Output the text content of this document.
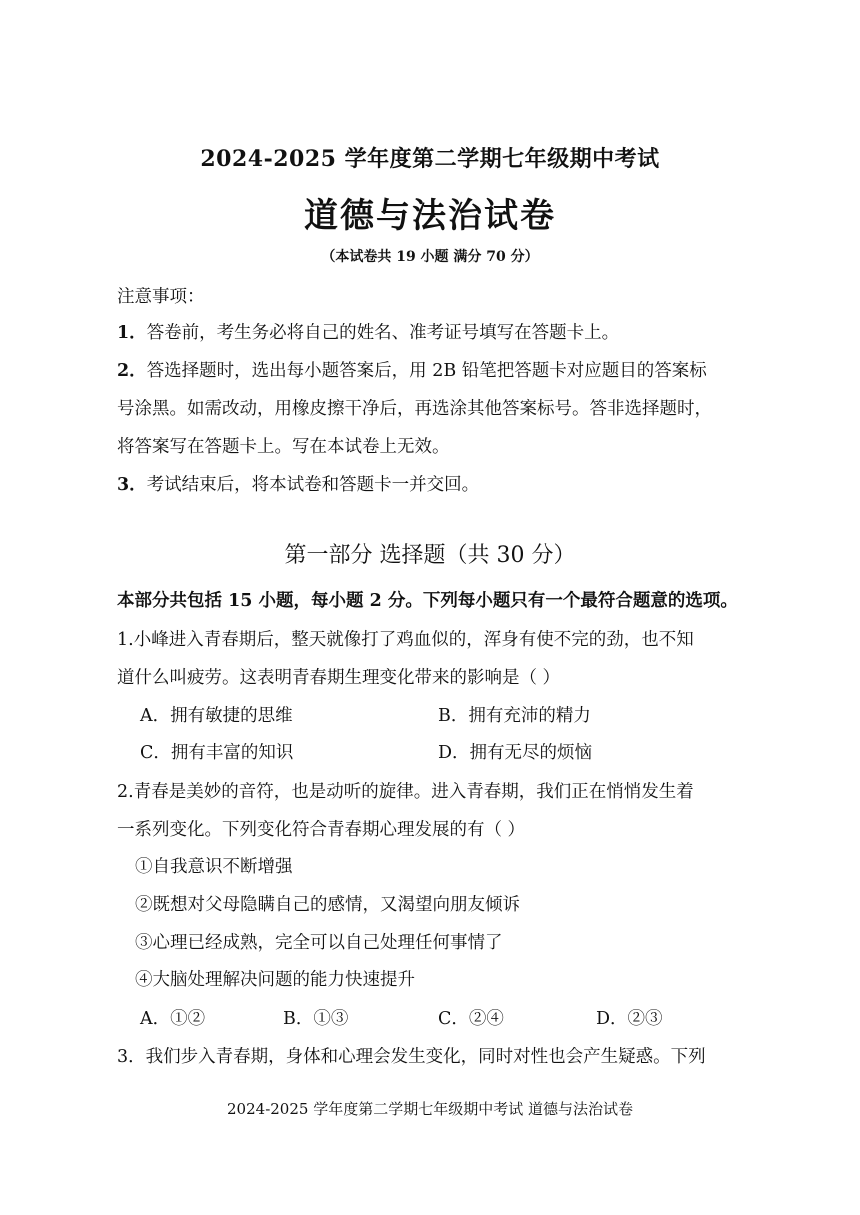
2024-2025 学年度第二学期七年级期中考试
道德与法治试卷
（本试卷共 19 小题 满分 70 分）
注意事项：
1．答卷前，考生务必将自己的姓名、准考证号填写在答题卡上。
2．答选择题时，选出每小题答案后，用 2B 铅笔把答题卡对应题目的答案标
号涂黑。如需改动，用橡皮擦干净后，再选涂其他答案标号。答非选择题时，
将答案写在答题卡上。写在本试卷上无效。
3．考试结束后，将本试卷和答题卡一并交回。
第一部分 选择题（共 30 分）
本部分共包括 15 小题，每小题 2 分。下列每小题只有一个最符合题意的选项。
1.小峰进入青春期后，整天就像打了鸡血似的，浑身有使不完的劲，也不知
道什么叫疲劳。这表明青春期生理变化带来的影响是（ ）
A．拥有敏捷的思维	B．拥有充沛的精力
C．拥有丰富的知识	D．拥有无尽的烦恼
2.青春是美妙的音符，也是动听的旋律。进入青春期，我们正在悄悄发生着
一系列变化。下列变化符合青春期心理发展的有（ ）
①自我意识不断增强
②既想对父母隐瞒自己的感情，又渴望向朋友倾诉
③心理已经成熟，完全可以自己处理任何事情了
④大脑处理解决问题的能力快速提升
A．①②	B．①③	C．②④	D．②③
3．我们步入青春期，身体和心理会发生变化，同时对性也会产生疑惑。下列
2024-2025 学年度第二学期七年级期中考试 道德与法治试卷
